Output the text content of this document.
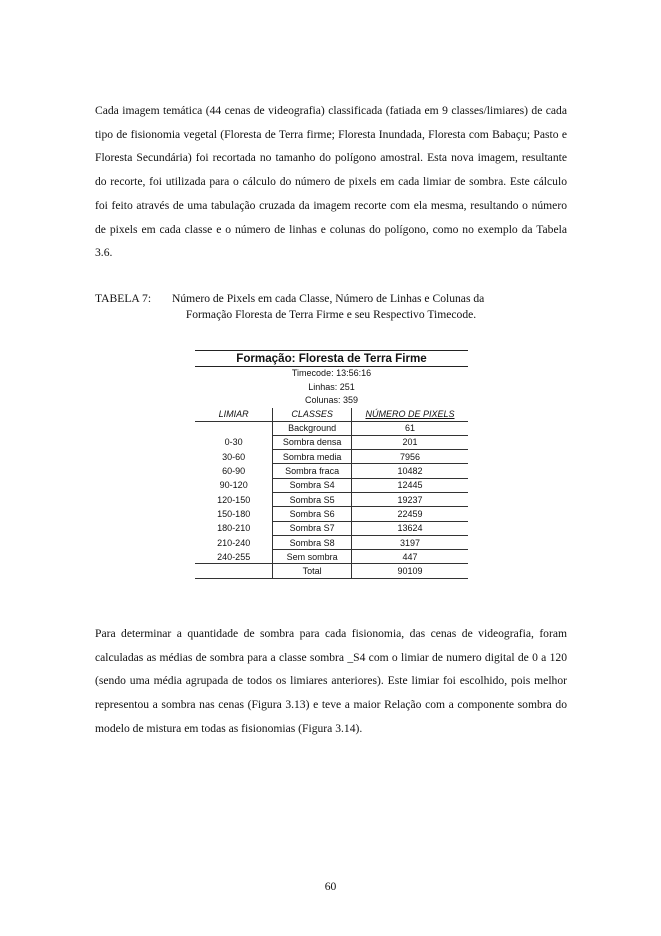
Cada imagem temática (44 cenas de videografia) classificada (fatiada em 9 classes/limiares) de cada tipo de fisionomia vegetal (Floresta de Terra firme; Floresta Inundada, Floresta com Babaçu; Pasto e Floresta Secundária) foi recortada no tamanho do polígono amostral. Esta nova imagem, resultante do recorte, foi utilizada para o cálculo do número de pixels em cada limiar de sombra. Este cálculo foi feito através de uma tabulação cruzada da imagem recorte com ela mesma, resultando o número de pixels em cada classe e o número de linhas e colunas do polígono, como no exemplo da Tabela 3.6.

TABELA 7:	Número de Pixels em cada Classe, Número de Linhas e Colunas da
Formação Floresta de Terra Firme e seu Respectivo Timecode.
Formação: Floresta de Terra Firme
Timecode: 13:56:16
Linhas: 251
Colunas: 359
LIMIAR	CLASSES	NÚMERO DE PIXELS
	Background	61
0-30	Sombra densa	201
30-60	Sombra media	7956
60-90	Sombra fraca	10482
90-120	Sombra S4	12445
120-150	Sombra S5	19237
150-180	Sombra S6	22459
180-210	Sombra S7	13624
210-240	Sombra S8	3197
240-255	Sem sombra	447
	Total	90109

Para determinar a quantidade de sombra para cada fisionomia, das cenas de videografia, foram calculadas as médias de sombra para a classe sombra _S4 com o limiar de numero digital de 0 a 120 (sendo uma média agrupada de todos os limiares anteriores). Este limiar foi escolhido, pois melhor representou a sombra nas cenas (Figura 3.13) e teve a maior Relação com a componente sombra do modelo de mistura em todas as fisionomias (Figura 3.14).

60
